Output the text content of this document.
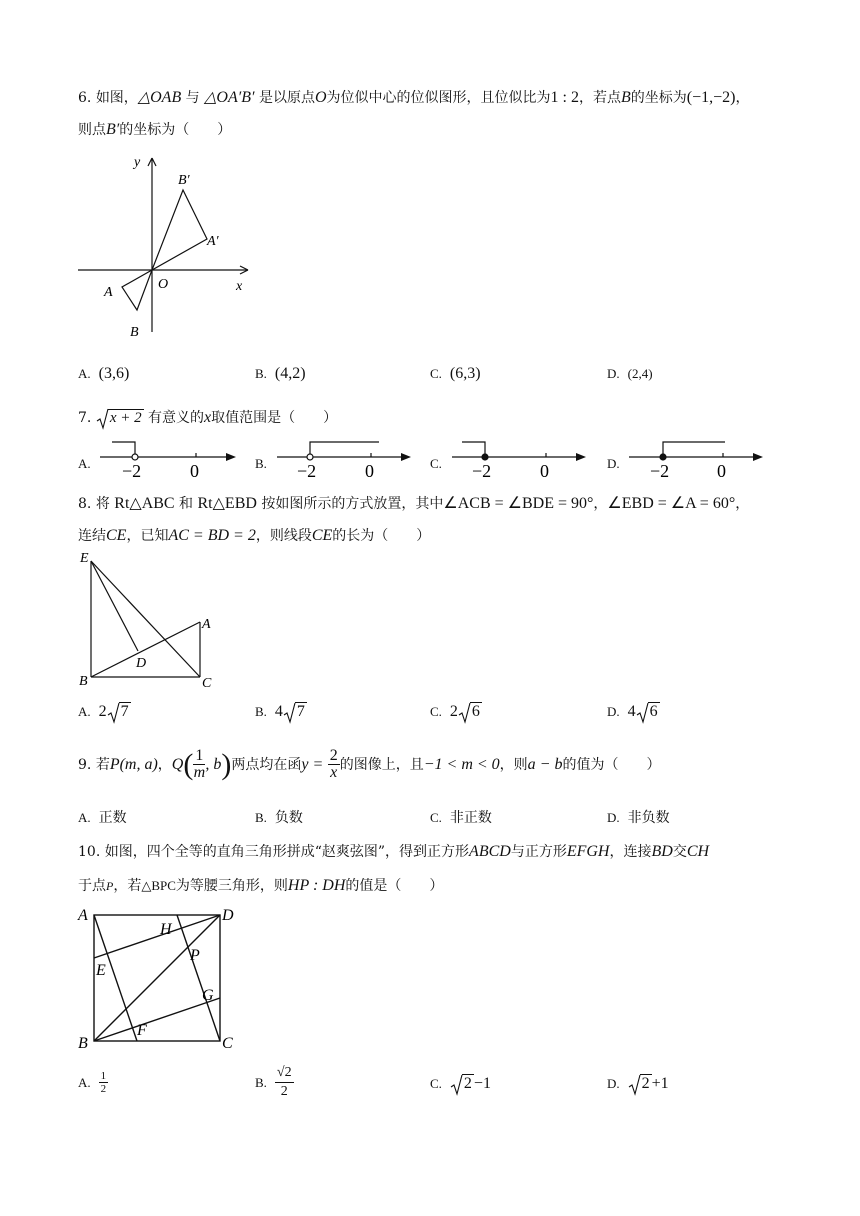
6. 如图，△OAB 与 △OA′B′ 是以原点O为位似中心的位似图形，且位似比为1 : 2，若点B的坐标为(−1,−2)，
则点B′的坐标为（　　）
y
x
O
A
B
A′
B′
A. (3,6)	B. (4,2)	C. (6,3)	D. (2,4)
7. x + 2 有意义的x取值范围是（　　）
A. −2	0	B. −2	0	C. −2	0	D. −2	0
8. 将 Rt△ABC 和 Rt△EBD 按如图所示的方式放置，其中∠ACB = ∠BDE = 90°，∠EBD = ∠A = 60°，
连结CE，已知AC = BD = 2，则线段CE的长为（　　）
E
A
D
B	C
A. 2 7	B. 4 7	C. 2 6	D. 4 6
9.
若 P(m, a) ， Q ( $\frac{1}{m}$ , b ) 两点均在函 y =
$\frac{2}{x}$ 的图像上，且 −1 < m < 0 ，则 a − b 的值为（　　）
A. 正数	B. 负数	C. 非正数	D. 非负数
10. 如图，四个全等的直角三角形拼成“赵爽弦图”，得到正方形ABCD与正方形EFGH，连接BD交CH
于点P，若△BPC为等腰三角形，则HP : DH的值是（　　）
A	D
H
E
P
G
F
B	C
A. $\frac{1}{2}$	B. $\frac{√2}{2}$	C. 2 −1	D. 2 +1
